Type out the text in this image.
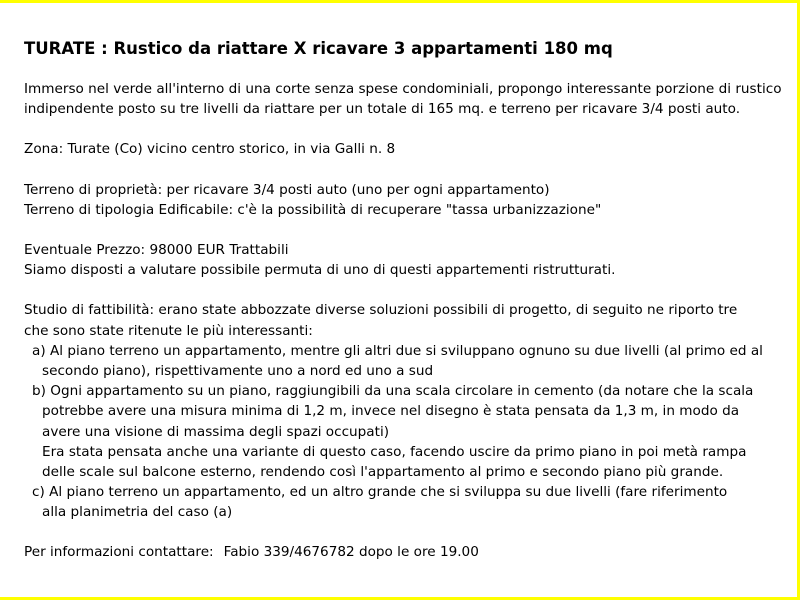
TURATE : Rustico da riattare X ricavare 3 appartamenti 180 mq

Immerso nel verde all'interno di una corte senza spese condominiali, propongo interessante porzione di rustico
indipendente posto su tre livelli da riattare per un totale di 165 mq. e terreno per ricavare 3/4 posti auto.

Zona: Turate (Co) vicino centro storico, in via Galli n. 8

Terreno di proprietà: per ricavare 3/4 posti auto (uno per ogni appartamento)
Terreno di tipologia Edificabile: c'è la possibilità di recuperare "tassa urbanizzazione"

Eventuale Prezzo: 98000 EUR Trattabili
Siamo disposti a valutare possibile permuta di uno di questi appartementi ristrutturati.

Studio di fattibilità: erano state abbozzate diverse soluzioni possibili di progetto, di seguito ne riporto tre
che sono state ritenute le più interessanti:
a) Al piano terreno un appartamento, mentre gli altri due si sviluppano ognuno su due livelli (al primo ed al
secondo piano), rispettivamente uno a nord ed uno a sud
b) Ogni appartamento su un piano, raggiungibili da una scala circolare in cemento (da notare che la scala
potrebbe avere una misura minima di 1,2 m, invece nel disegno è stata pensata da 1,3 m, in modo da
avere una visione di massima degli spazi occupati)
Era stata pensata anche una variante di questo caso, facendo uscire da primo piano in poi metà rampa
delle scale sul balcone esterno, rendendo così l'appartamento al primo e secondo piano più grande.
c) Al piano terreno un appartamento, ed un altro grande che si sviluppa su due livelli (fare riferimento
alla planimetria del caso (a)

Per informazioni contattare: Fabio 339/4676782 dopo le ore 19.00
